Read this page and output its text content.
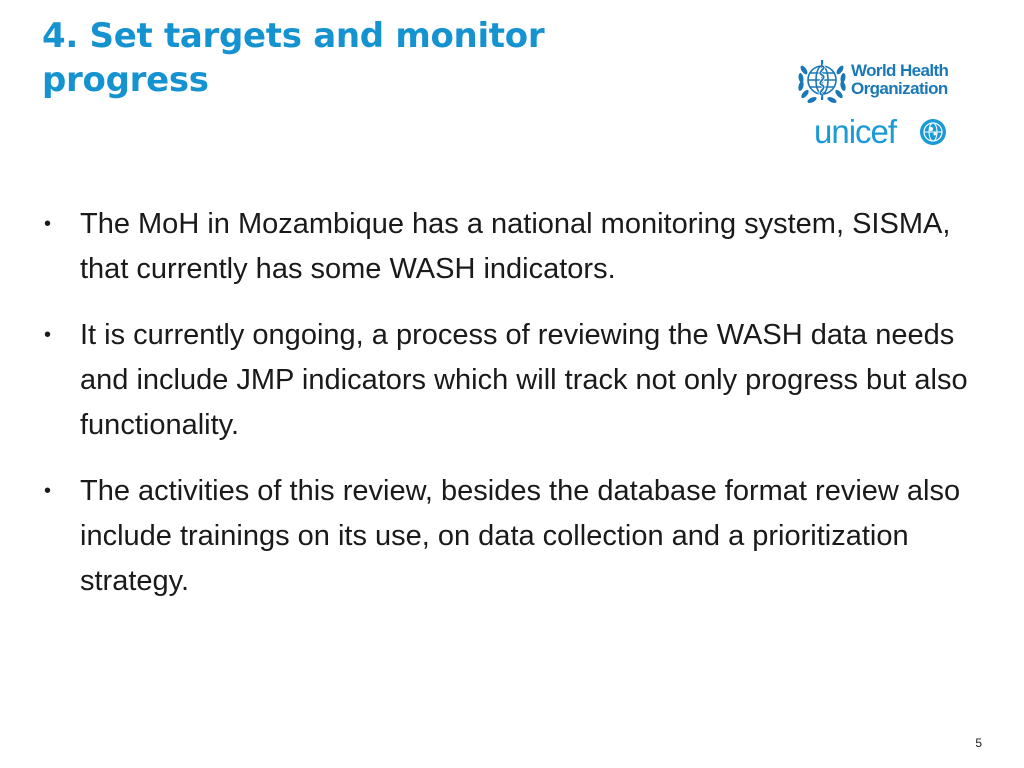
4. Set targets and monitor progress	World Health
Organization
unicef
• The MoH in Mozambique has a national monitoring system, SISMA, that currently has some WASH indicators.
• It is currently ongoing, a process of reviewing the WASH data needs and include JMP indicators which will track not only progress but also functionality.
• The activities of this review, besides the database format review also include trainings on its use, on data collection and a prioritization strategy.
5
